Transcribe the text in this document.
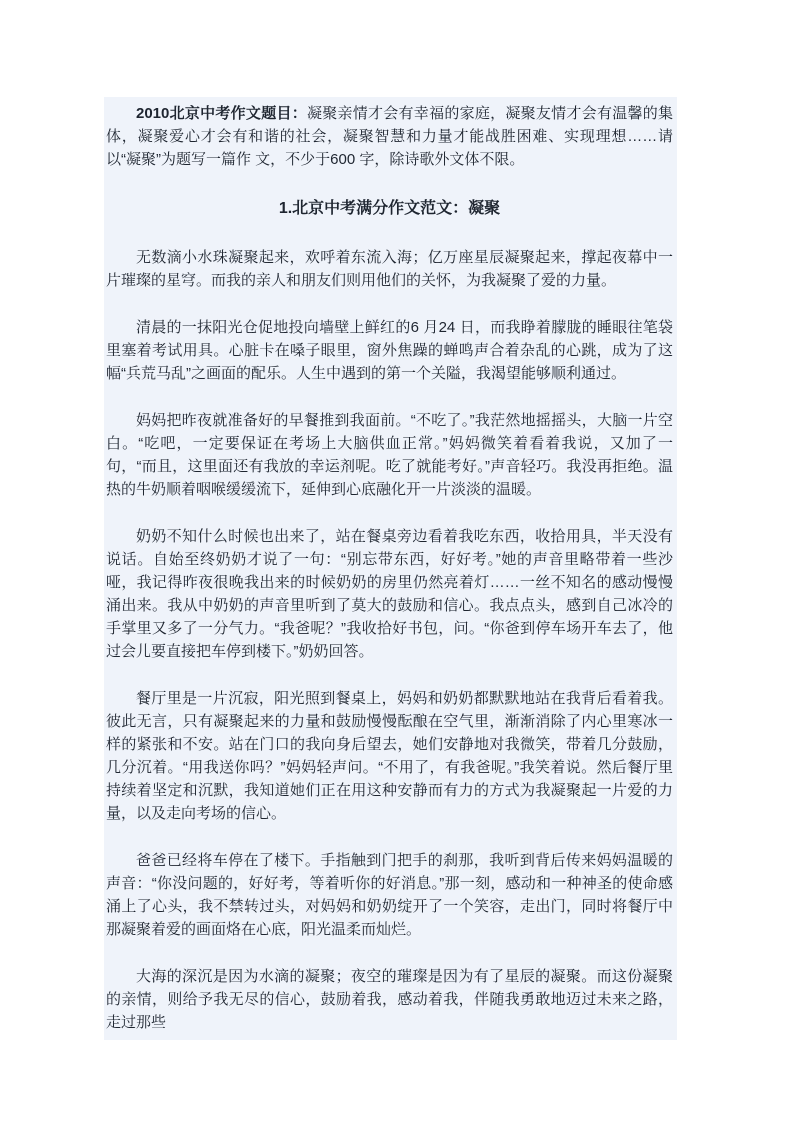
2010北京中考作文题目：凝聚亲情才会有幸福的家庭，凝聚友情才会有温馨的集体，凝聚爱心才会有和谐的社会，凝聚智慧和力量才能战胜困难、实现理想……请以“凝聚”为题写一篇作 文，不少于600 字，除诗歌外文体不限。

1.北京中考满分作文范文：凝聚

无数滴小水珠凝聚起来，欢呼着东流入海；亿万座星辰凝聚起来，撑起夜幕中一片璀璨的星穹。而我的亲人和朋友们则用他们的关怀，为我凝聚了爱的力量。

清晨的一抹阳光仓促地投向墙壁上鲜红的6 月24 日，而我睁着朦胧的睡眼往笔袋里塞着考试用具。心脏卡在嗓子眼里，窗外焦躁的蝉鸣声合着杂乱的心跳，成为了这幅“兵荒马乱”之画面的配乐。人生中遇到的第一个关隘，我渴望能够顺利通过。

妈妈把昨夜就准备好的早餐推到我面前。“不吃了。”我茫然地摇摇头，大脑一片空白。“吃吧，一定要保证在考场上大脑供血正常。”妈妈微笑着看着我说，又加了一句，“而且，这里面还有我放的幸运剂呢。吃了就能考好。”声音轻巧。我没再拒绝。温热的牛奶顺着咽喉缓缓流下，延伸到心底融化开一片淡淡的温暖。

奶奶不知什么时候也出来了，站在餐桌旁边看着我吃东西，收拾用具，半天没有说话。自始至终奶奶才说了一句：“别忘带东西，好好考。”她的声音里略带着一些沙哑，我记得昨夜很晚我出来的时候奶奶的房里仍然亮着灯……一丝不知名的感动慢慢涌出来。我从中奶奶的声音里听到了莫大的鼓励和信心。我点点头，感到自己冰冷的手掌里又多了一分气力。“我爸呢？”我收拾好书包，问。“你爸到停车场开车去了，他过会儿要直接把车停到楼下。”奶奶回答。

餐厅里是一片沉寂，阳光照到餐桌上，妈妈和奶奶都默默地站在我背后看着我。彼此无言，只有凝聚起来的力量和鼓励慢慢酝酿在空气里，渐渐消除了内心里寒冰一样的紧张和不安。站在门口的我向身后望去，她们安静地对我微笑，带着几分鼓励，几分沉着。“用我送你吗？”妈妈轻声问。“不用了，有我爸呢。”我笑着说。然后餐厅里持续着坚定和沉默，我知道她们正在用这种安静而有力的方式为我凝聚起一片爱的力量，以及走向考场的信心。

爸爸已经将车停在了楼下。手指触到门把手的刹那，我听到背后传来妈妈温暖的声音：“你没问题的，好好考，等着听你的好消息。”那一刻，感动和一种神圣的使命感涌上了心头，我不禁转过头，对妈妈和奶奶绽开了一个笑容，走出门，同时将餐厅中那凝聚着爱的画面烙在心底，阳光温柔而灿烂。

大海的深沉是因为水滴的凝聚；夜空的璀璨是因为有了星辰的凝聚。而这份凝聚的亲情，则给予我无尽的信心，鼓励着我，感动着我，伴随我勇敢地迈过未来之路，走过那些
